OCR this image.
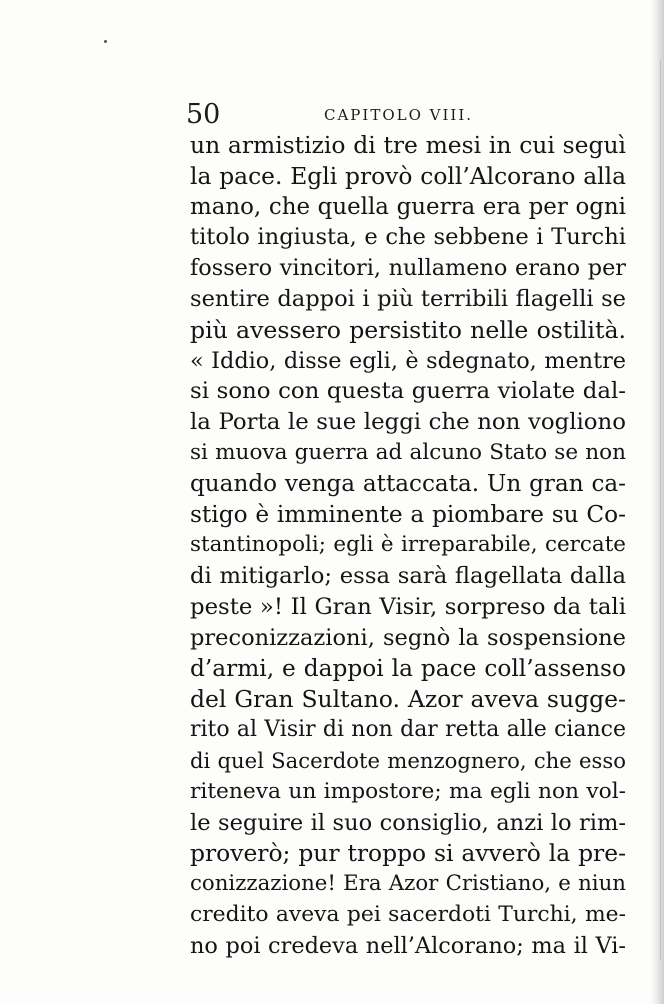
50	CAPITOLO VIII.
un armistizio di tre mesi in cui seguì
la pace. Egli provò coll’Alcorano alla
mano, che quella guerra era per ogni
titolo ingiusta, e che sebbene i Turchi
fossero vincitori, nullameno erano per
sentire dappoi i più terribili flagelli se
più avessero persistito nelle ostilità.
« Iddio, disse egli, è sdegnato, mentre
si sono con questa guerra violate dal-
la Porta le sue leggi che non vogliono
si muova guerra ad alcuno Stato se non
quando venga attaccata. Un gran ca-
stigo è imminente a piombare su Co-
stantinopoli; egli è irreparabile, cercate
di mitigarlo; essa sarà flagellata dalla
peste »! Il Gran Visir, sorpreso da tali
preconizzazioni, segnò la sospensione
d’armi, e dappoi la pace coll’assenso
del Gran Sultano. Azor aveva sugge-
rito al Visir di non dar retta alle ciance
di quel Sacerdote menzognero, che esso
riteneva un impostore; ma egli non vol-
le seguire il suo consiglio, anzi lo rim-
proverò; pur troppo si avverò la pre-
conizzazione! Era Azor Cristiano, e niun
credito aveva pei sacerdoti Turchi, me-
no poi credeva nell’Alcorano; ma il Vi-
